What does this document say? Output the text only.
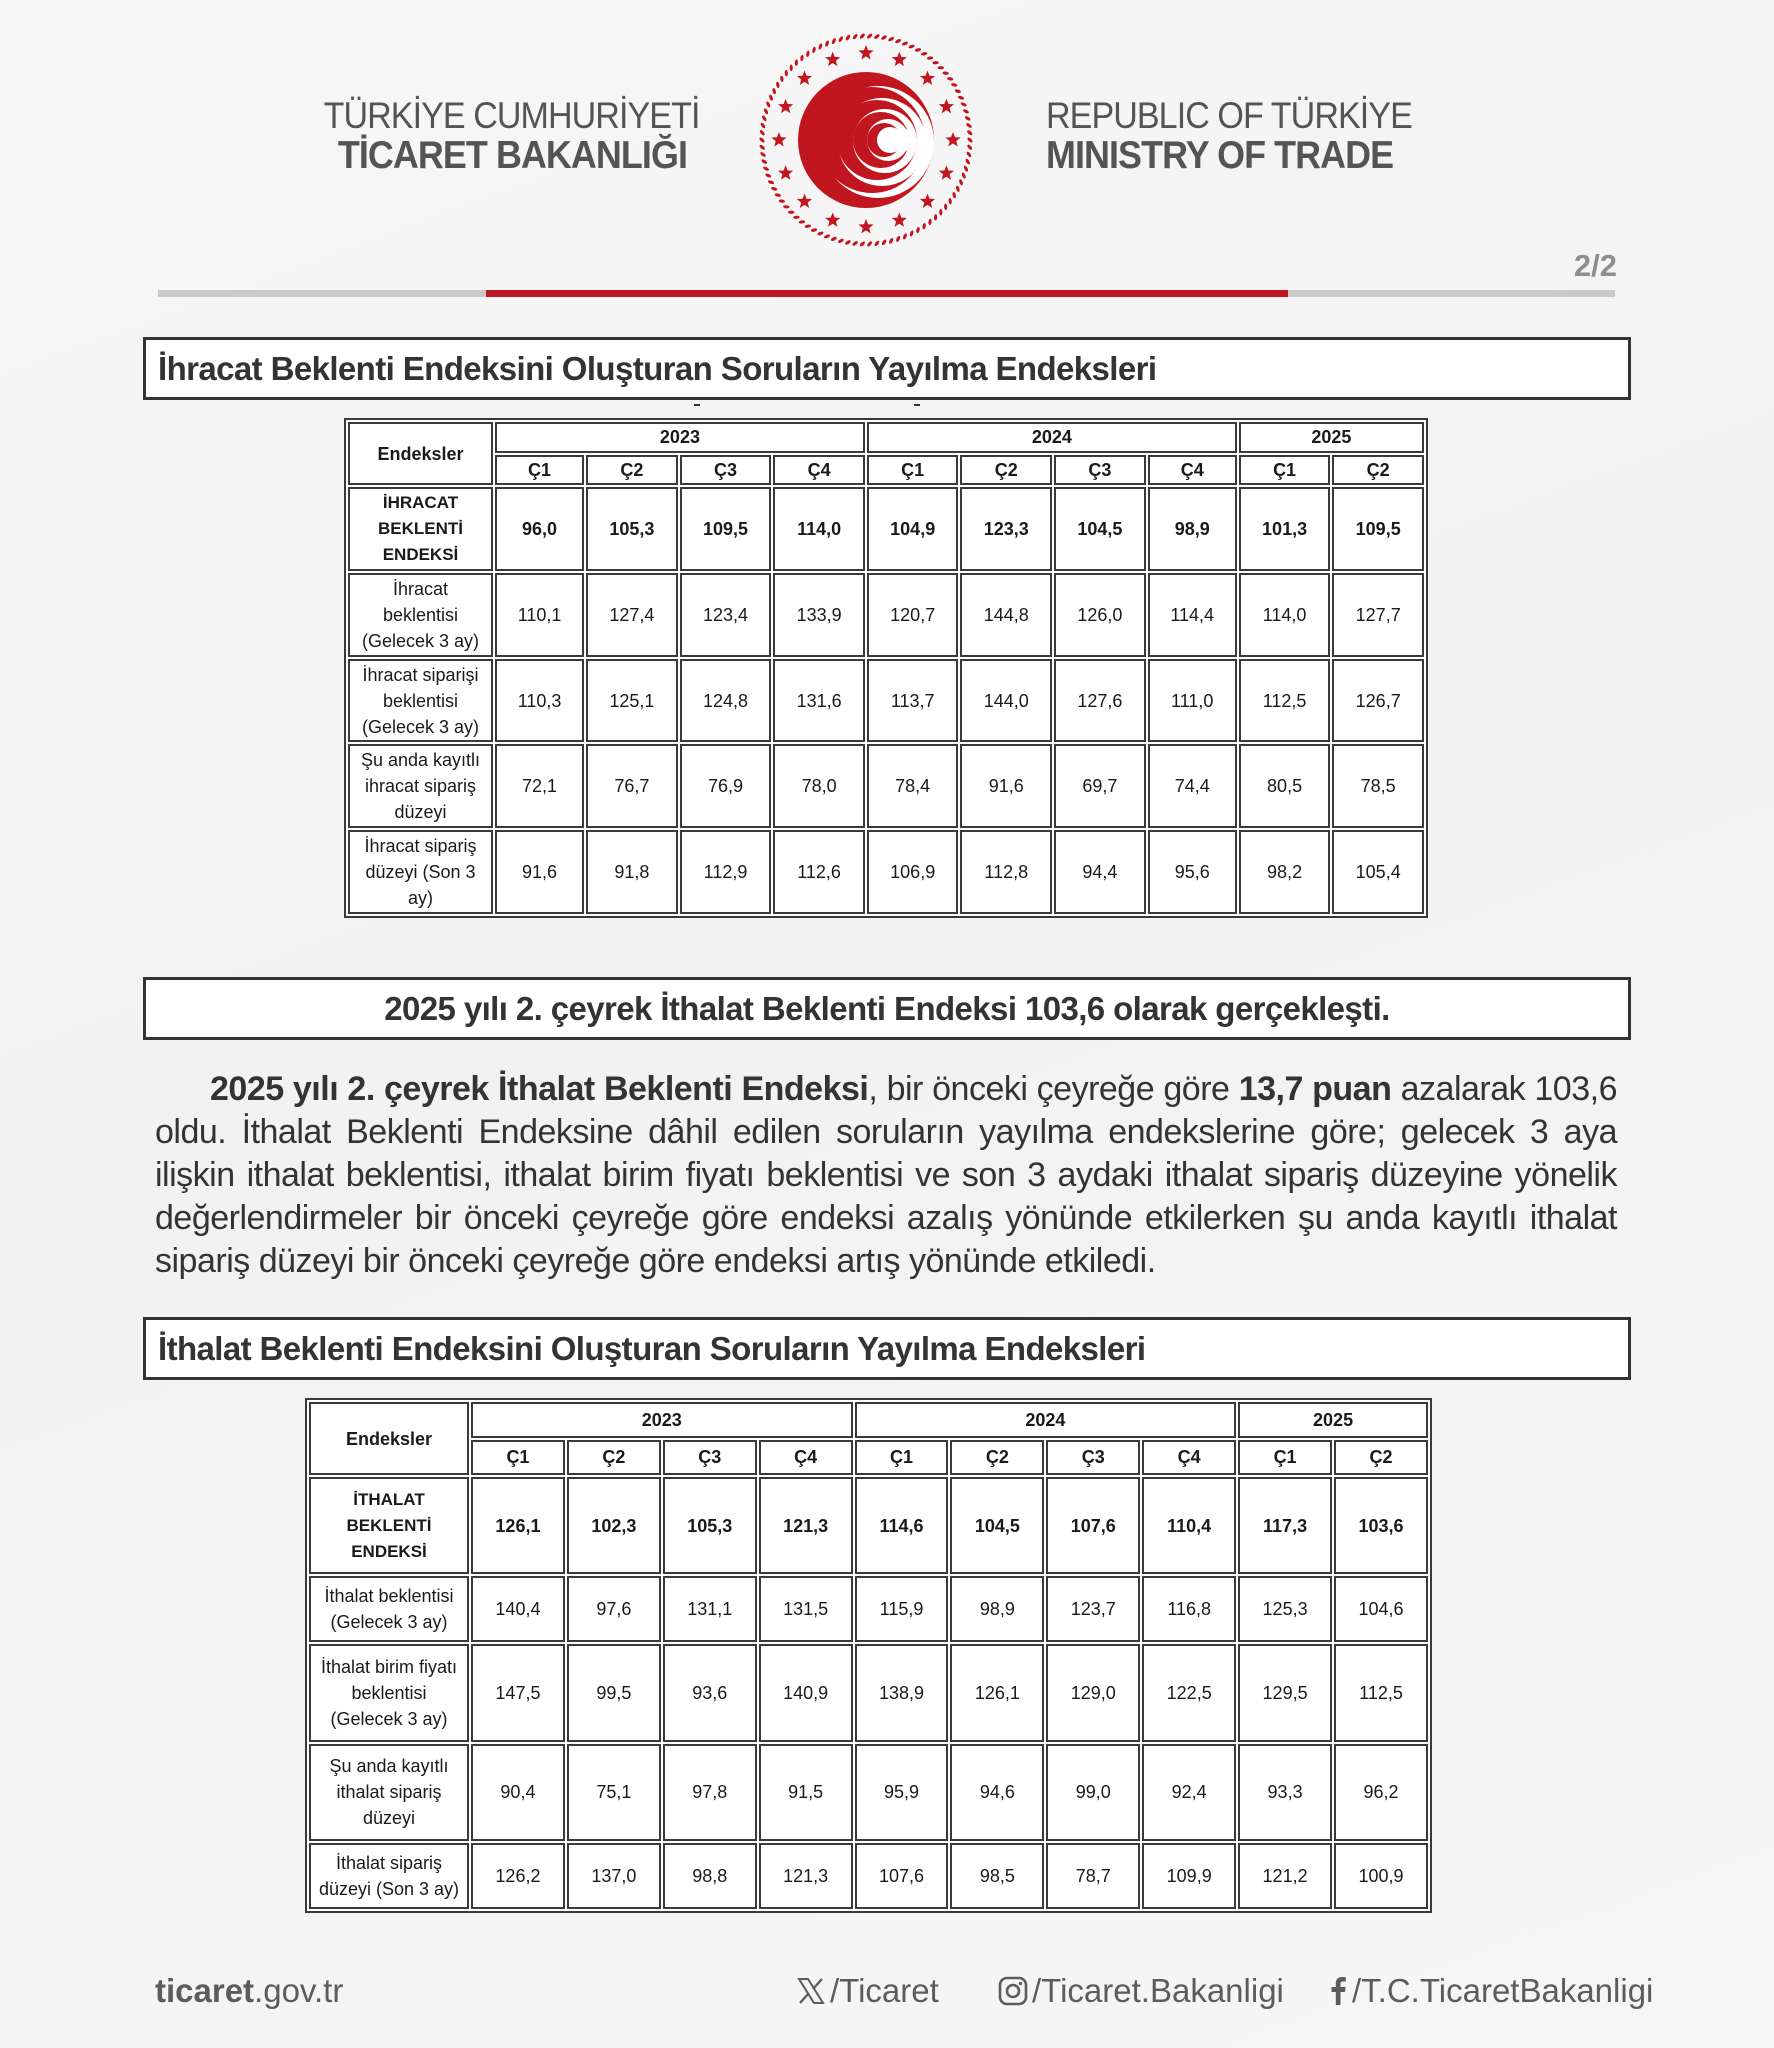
TÜRKİYE CUMHURİYETİ
TİCARET BAKANLIĞI
REPUBLIC OF TÜRKİYE
MINISTRY OF TRADE
2/2
İhracat Beklenti Endeksini Oluşturan Soruların Yayılma Endeksleri
Endeksler	2023				2024				2025	
	Ç1	Ç2	Ç3	Ç4	Ç1	Ç2	Ç3	Ç4	Ç1	Ç2
İHRACAT BEKLENTİ ENDEKSİ	96,0	105,3	109,5	114,0	104,9	123,3	104,5	98,9	101,3	109,5
İhracat beklentisi (Gelecek 3 ay)	110,1	127,4	123,4	133,9	120,7	144,8	126,0	114,4	114,0	127,7
İhracat siparişi beklentisi (Gelecek 3 ay)	110,3	125,1	124,8	131,6	113,7	144,0	127,6	111,0	112,5	126,7
Şu anda kayıtlı ihracat sipariş düzeyi	72,1	76,7	76,9	78,0	78,4	91,6	69,7	74,4	80,5	78,5
İhracat sipariş düzeyi (Son 3 ay)	91,6	91,8	112,9	112,6	106,9	112,8	94,4	95,6	98,2	105,4
2025 yılı 2. çeyrek İthalat Beklenti Endeksi 103,6 olarak gerçekleşti.

2025 yılı 2. çeyrek İthalat Beklenti Endeksi, bir önceki çeyreğe göre 13,7 puan azalarak 103,6 oldu. İthalat Beklenti Endeksine dâhil edilen soruların yayılma endekslerine göre; gelecek 3 aya ilişkin ithalat beklentisi, ithalat birim fiyatı beklentisi ve son 3 aydaki ithalat sipariş düzeyine yönelik değerlendirmeler bir önceki çeyreğe göre endeksi azalış yönünde etkilerken şu anda kayıtlı ithalat sipariş düzeyi bir önceki çeyreğe göre endeksi artış yönünde etkiledi.

İthalat Beklenti Endeksini Oluşturan Soruların Yayılma Endeksleri
Endeksler	2023				2024				2025	
	Ç1	Ç2	Ç3	Ç4	Ç1	Ç2	Ç3	Ç4	Ç1	Ç2
İTHALAT BEKLENTİ ENDEKSİ	126,1	102,3	105,3	121,3	114,6	104,5	107,6	110,4	117,3	103,6
İthalat beklentisi (Gelecek 3 ay)	140,4	97,6	131,1	131,5	115,9	98,9	123,7	116,8	125,3	104,6
İthalat birim fiyatı beklentisi (Gelecek 3 ay)	147,5	99,5	93,6	140,9	138,9	126,1	129,0	122,5	129,5	112,5
Şu anda kayıtlı ithalat sipariş düzeyi	90,4	75,1	97,8	91,5	95,9	94,6	99,0	92,4	93,3	96,2
İthalat sipariş düzeyi (Son 3 ay)	126,2	137,0	98,8	121,3	107,6	98,5	78,7	109,9	121,2	100,9
ticaret.gov.tr	/Ticaret	/Ticaret.Bakanligi /T.C.TicaretBakanligi
